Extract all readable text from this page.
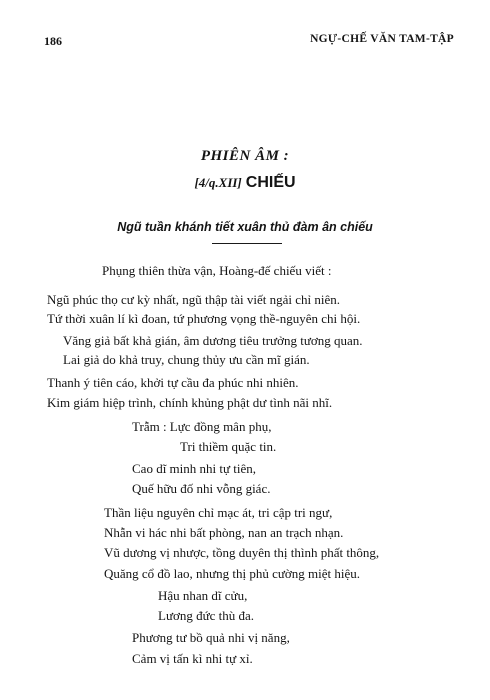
186	NGỰ-CHẾ VĂN TAM-TẬP
PHIÊN ÂM :
[4/q.XII] CHIẾU
Ngũ tuần khánh tiết xuân thủ đàm ân chiếu
Phụng thiên thừa vận, Hoàng-đế chiếu viết :
Ngũ phúc thọ cư kỳ nhất, ngũ thập tài viết ngải chỉ niên.
Tứ thời xuân lí kì đoan, tứ phương vọng thề-nguyên chi hội.
Văng giả bất khả gián, âm dương tiêu trưởng tương quan.
Lai giả do khả truy, chung thủy ưu cần mĩ gián.
Thanh ý tiên cáo, khởi tự cầu đa phúc nhi nhiên.
Kim giám hiệp trình, chính khủng phật dư tình nãi nhĩ.
Trẫm : Lực đồng mân phụ,
Tri thiềm quặc tin.
Cao dĩ minh nhi tự tiên,
Quế hữu đố nhi vỗng giác.
Thần liệu nguyên chỉ mạc át, tri cập tri ngư,
Nhẫn vi hác nhi bất phòng, nan an trạch nhạn.
Vũ dương vị nhược, tồng duyên thị thình phất thông,
Quăng cổ đồ lao, nhưng thị phủ cường miệt hiệu.
Hậu nhan dĩ cửu,
Lương đức thù đa.
Phương tư bồ quả nhi vị năng,
Cảm vị tấn kì nhi tự xỉ.
